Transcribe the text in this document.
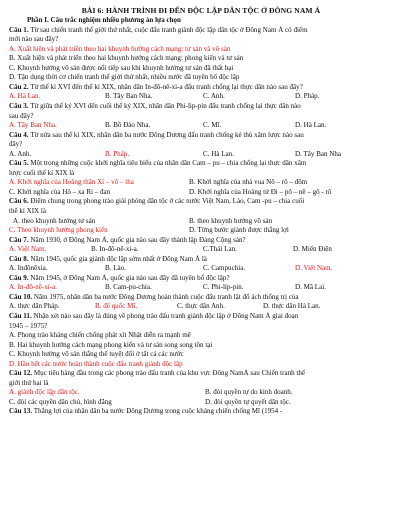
BÀI 6: HÀNH TRÌNH ĐI ĐẾN ĐỘC LẬP DÂN TỘC Ở ĐÔNG NAM Á
Phần I. Câu trắc nghiệm nhiều phương án lựa chọn
Câu 1. Từ sau chiến tranh thế giới thứ nhất, cuộc đấu tranh giành độc lập dân tộc ở Đông Nam Á có điểm
mới nào sau đây?
A. Xuất hiện và phát triển theo hai khuynh hướng cách mạng: tư sản và vô sản
B. Xuất hiện và phát triển theo hai khuynh hướng cách mạng: phong kiến và tư sản
C. Khuynh hướng vô sản được nổi tiếp sau khi khuynh hướng tư sản đã thất bại
D. Tận dụng thời cơ chiến tranh thế giới thứ nhất, nhiều nước đã tuyên bố độc lập
Câu 2. Từ thế kỉ XVI đến thế kỉ XIX, nhân dân In-đô-nê-xi-a đấu tranh chống lại thực dân nào sau đây?
A. Hà Lan.	B. Tây Ban Nha.	C. Anh.	D. Pháp.
Câu 3. Từ giữa thế kỷ XVI đến cuối thế kỷ XIX, nhân dân Phi-lip-pin đấu tranh chống lại thực dân nào
sau đây?
A. Tây Ban Nha.	B. Bồ Đào Nha.	C. Mĩ.	D. Hà Lan.
Câu 4. Từ nửa sau thế kỉ XIX, nhân dân ba nước Đông Dương đấu tranh chống kẻ thù xâm lược nào sau
đây?
A. Anh.	B. Pháp.	C. Hà Lan.	D. Tây Ban Nha
Câu 5. Một trong những cuộc khởi nghĩa tiêu biểu của nhân dân Cam – pu – chia chống lại thực dân xâm
lược cuối thế kỉ XIX là
A. Khởi nghĩa của Hoàng thân Xi – vô – tha	B. Khởi nghĩa của nhà vua Nô – rô – đôm
C. Khởi nghĩa của Hô – xa Ri – đan	D. Khởi nghĩa của Hoàng tử Đi – pô – nê – gô - rô
Câu 6. Điểm chung trong phong trào giải phóng dân tộc ở các nước Việt Nam, Lào, Cam -pu – chia cuối
thế kỉ XIX là
A. theo khuynh hướng tư sản	B. theo khuynh hướng vô sản
C. Theo khuynh hướng phong kiến	D. Từng bước giành được thắng lợi
Câu 7. Năm 1930, ở Đông Nam Á, quốc gia nào sau đây thành lập Đảng Cộng sản?
A. Việt Nam.	B. In-đô-nê-xi-a.	C.Thái Lan.	D. Miến Điện
Câu 8. Năm 1945, quốc gia giành độc lập sớm nhất ở Đông Nam Á là
A. Inđônêxia.	B. Lào.	C. Campuchia.	D. Việt Nam.
Câu 9. Năm 1945, ở Đông Nam Á, quốc gia nào sau đây đã tuyên bố độc lập?
A. In-đô-nê-xi-a.	B. Cam-pu-chia.	C. Phi-líp-pin.	D. Mã Lai.
Câu 10. Năm 1975, nhân dân ba nước Đông Dương hoàn thành cuộc đấu tranh lật đổ ách thống trị của
A. thực dân Pháp.	B. đế quốc Mĩ.	C. thực dân Anh.	D. thực dân Hà Lan.
Câu 11. Nhận xét nào sau đây là đúng về phong trào đấu tranh giành độc lập ở Đông Nam Á giai đoạn
1945 – 1975?
A. Phong trào kháng chiến chống phát xít Nhật diễn ra mạnh mẽ
B. Hai khuynh hướng cách mạng phong kiến và tư sản song song tồn tại
C. Khuynh hướng vô sản thắng thế tuyệt đối ở tất cả các nước
D. Hầu hết các nước hoàn thành cuộc đấu tranh giành độc lập
Câu 12. Mục tiêu hàng đầu trong các phong trào đấu tranh của khu vực Đông NamÁ sau Chiến tranh thế
giới thứ hai là
A. giành độc lập dân tộc.	B. đòi quyền tự do kinh doanh.
C. đòi các quyền dân chủ, bình đẳng	D. đòi quyền tự quyết dân tộc.
Câu 13. Thắng lợi của nhân dân ba nước Đông Dương trong cuộc kháng chiến chống Mĩ (1954 -
